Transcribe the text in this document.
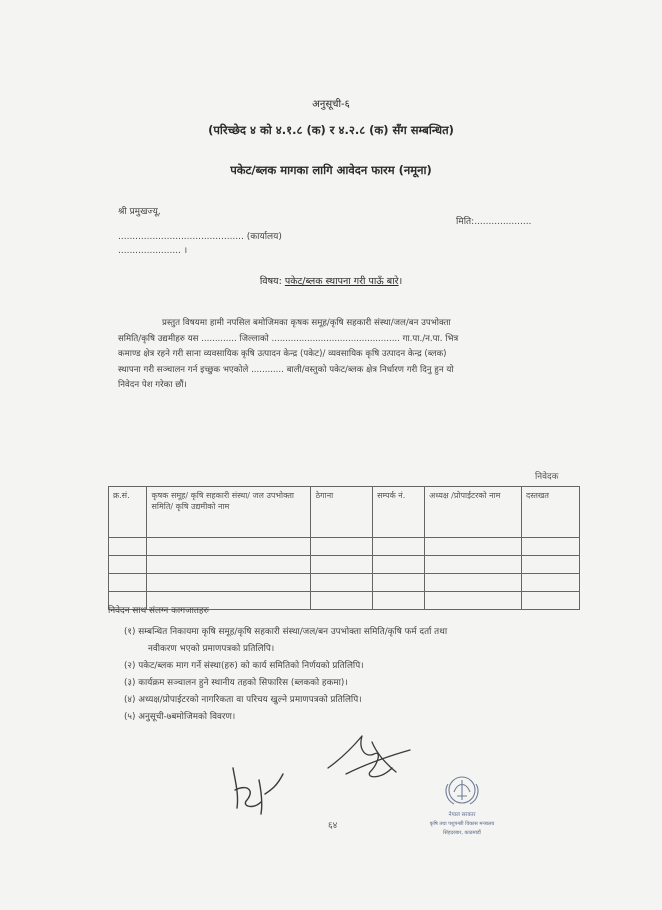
अनुसूची-६
(परिच्छेद ४ को ४.१.८ (क) र ४.२.८ (क) सँग सम्बन्धित)
पकेट/ब्लक मागका लागि आवेदन फारम (नमूना)
श्री प्रमुखज्यू,
मिति:....................
............................................ (कार्यालय)
...................... ।
विषय: पकेट/ब्लक स्थापना गरी पाऊँ बारे।

प्रस्तुत विषयमा हामी नपसिल बमोजिमका कृषक समूह/कृषि सहकारी संस्था/जल/बन उपभोक्ता

समिति/कृषि उद्यमीहरु यस ............. जिल्लाको ............................................... गा.पा./न.पा. भित्र

कमाण्ड क्षेत्र रहने गरी साना व्यवसायिक कृषि उत्पादन केन्द्र (पकेट)/ व्यवसायिक कृषि उत्पादन केन्द्र (ब्लक)

स्थापना गरी सञ्चालन गर्न इच्छुक भएकोले ............ बाली/वस्तुको पकेट/ब्लक क्षेत्र निर्धारण गरी दिनु हुन यो

निवेदन पेश गरेका छौं।

निवेदक
क्र.सं.	कृषक समूह/ कृषि सहकारी संस्था/ जल उपभोक्ता समिति/ कृषि उद्यमीको नाम	ठेगाना	सम्पर्क नं.	अध्यक्ष /प्रोपाईटरको नाम	दस्तखत

निवेदन साथ संलग्न कागजातहरु
(१) सम्बन्धित निकायमा कृषि समूह/कृषि सहकारी संस्था/जल/बन उपभोक्ता समिति/कृषि फर्म दर्ता तथा
नवीकरण भएको प्रमाणपत्रको प्रतिलिपि।
(२) पकेट/ब्लक माग गर्ने संस्था(हरु) को कार्य समितिको निर्णयको प्रतिलिपि।
(३) कार्यक्रम सञ्चालन हुने स्थानीय तहको सिफारिस (ब्लकको हकमा)।
(४) अध्यक्ष/प्रोपाईटरको नागरिकता वा परिचय खुल्ने प्रमाणपत्रको प्रतिलिपि।
(५) अनुसूची-७बमोजिमको विवरण।
६४
नेपाल सरकार
कृषि तथा पशुपन्छी विकास मन्त्रालय
सिंहदरबार, काठमाडौं
